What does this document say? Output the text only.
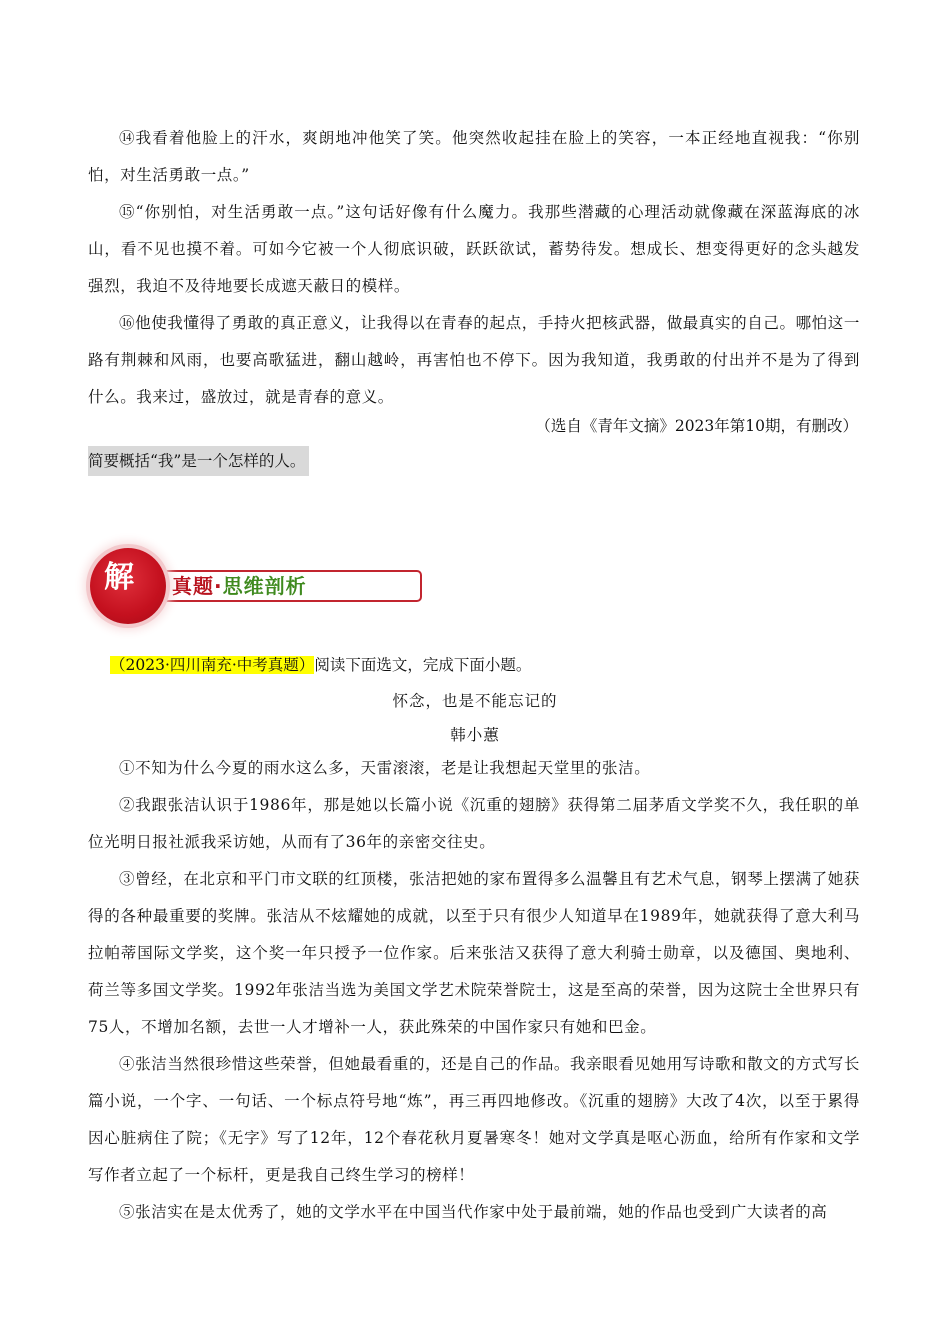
⑭我看着他脸上的汗水，爽朗地冲他笑了笑。他突然收起挂在脸上的笑容，一本正经地直视我：“你别怕，对生活勇敢一点。”

⑮“你别怕，对生活勇敢一点。”这句话好像有什么魔力。我那些潜藏的心理活动就像藏在深蓝海底的冰山，看不见也摸不着。可如今它被一个人彻底识破，跃跃欲试，蓄势待发。想成长、想变得更好的念头越发强烈，我迫不及待地要长成遮天蔽日的模样。

⑯他使我懂得了勇敢的真正意义，让我得以在青春的起点，手持火把核武器，做最真实的自己。哪怕这一路有荆棘和风雨，也要高歌猛进，翻山越岭，再害怕也不停下。因为我知道，我勇敢的付出并不是为了得到什么。我来过，盛放过，就是青春的意义。

（选自《青年文摘》2023年第10期，有删改）

简要概括“我”是一个怎样的人。

解 真题·思维剖析

（2023·四川南充·中考真题）阅读下面选文，完成下面小题。

怀念，也是不能忘记的

韩小蕙

①不知为什么今夏的雨水这么多，天雷滚滚，老是让我想起天堂里的张洁。

②我跟张洁认识于1986年，那是她以长篇小说《沉重的翅膀》获得第二届茅盾文学奖不久，我任职的单位光明日报社派我采访她，从而有了36年的亲密交往史。

③曾经，在北京和平门市文联的红顶楼，张洁把她的家布置得多么温馨且有艺术气息，钢琴上摆满了她获得的各种最重要的奖牌。张洁从不炫耀她的成就，以至于只有很少人知道早在1989年，她就获得了意大利马拉帕蒂国际文学奖，这个奖一年只授予一位作家。后来张洁又获得了意大利骑士勋章，以及德国、奥地利、荷兰等多国文学奖。1992年张洁当选为美国文学艺术院荣誉院士，这是至高的荣誉，因为这院士全世界只有75人，不增加名额，去世一人才增补一人，获此殊荣的中国作家只有她和巴金。

④张洁当然很珍惜这些荣誉，但她最看重的，还是自己的作品。我亲眼看见她用写诗歌和散文的方式写长篇小说，一个字、一句话、一个标点符号地“炼”，再三再四地修改。《沉重的翅膀》大改了4次，以至于累得因心脏病住了院；《无字》写了12年，12个春花秋月夏暑寒冬！她对文学真是呕心沥血，给所有作家和文学写作者立起了一个标杆，更是我自己终生学习的榜样！

⑤张洁实在是太优秀了，她的文学水平在中国当代作家中处于最前端，她的作品也受到广大读者的高
